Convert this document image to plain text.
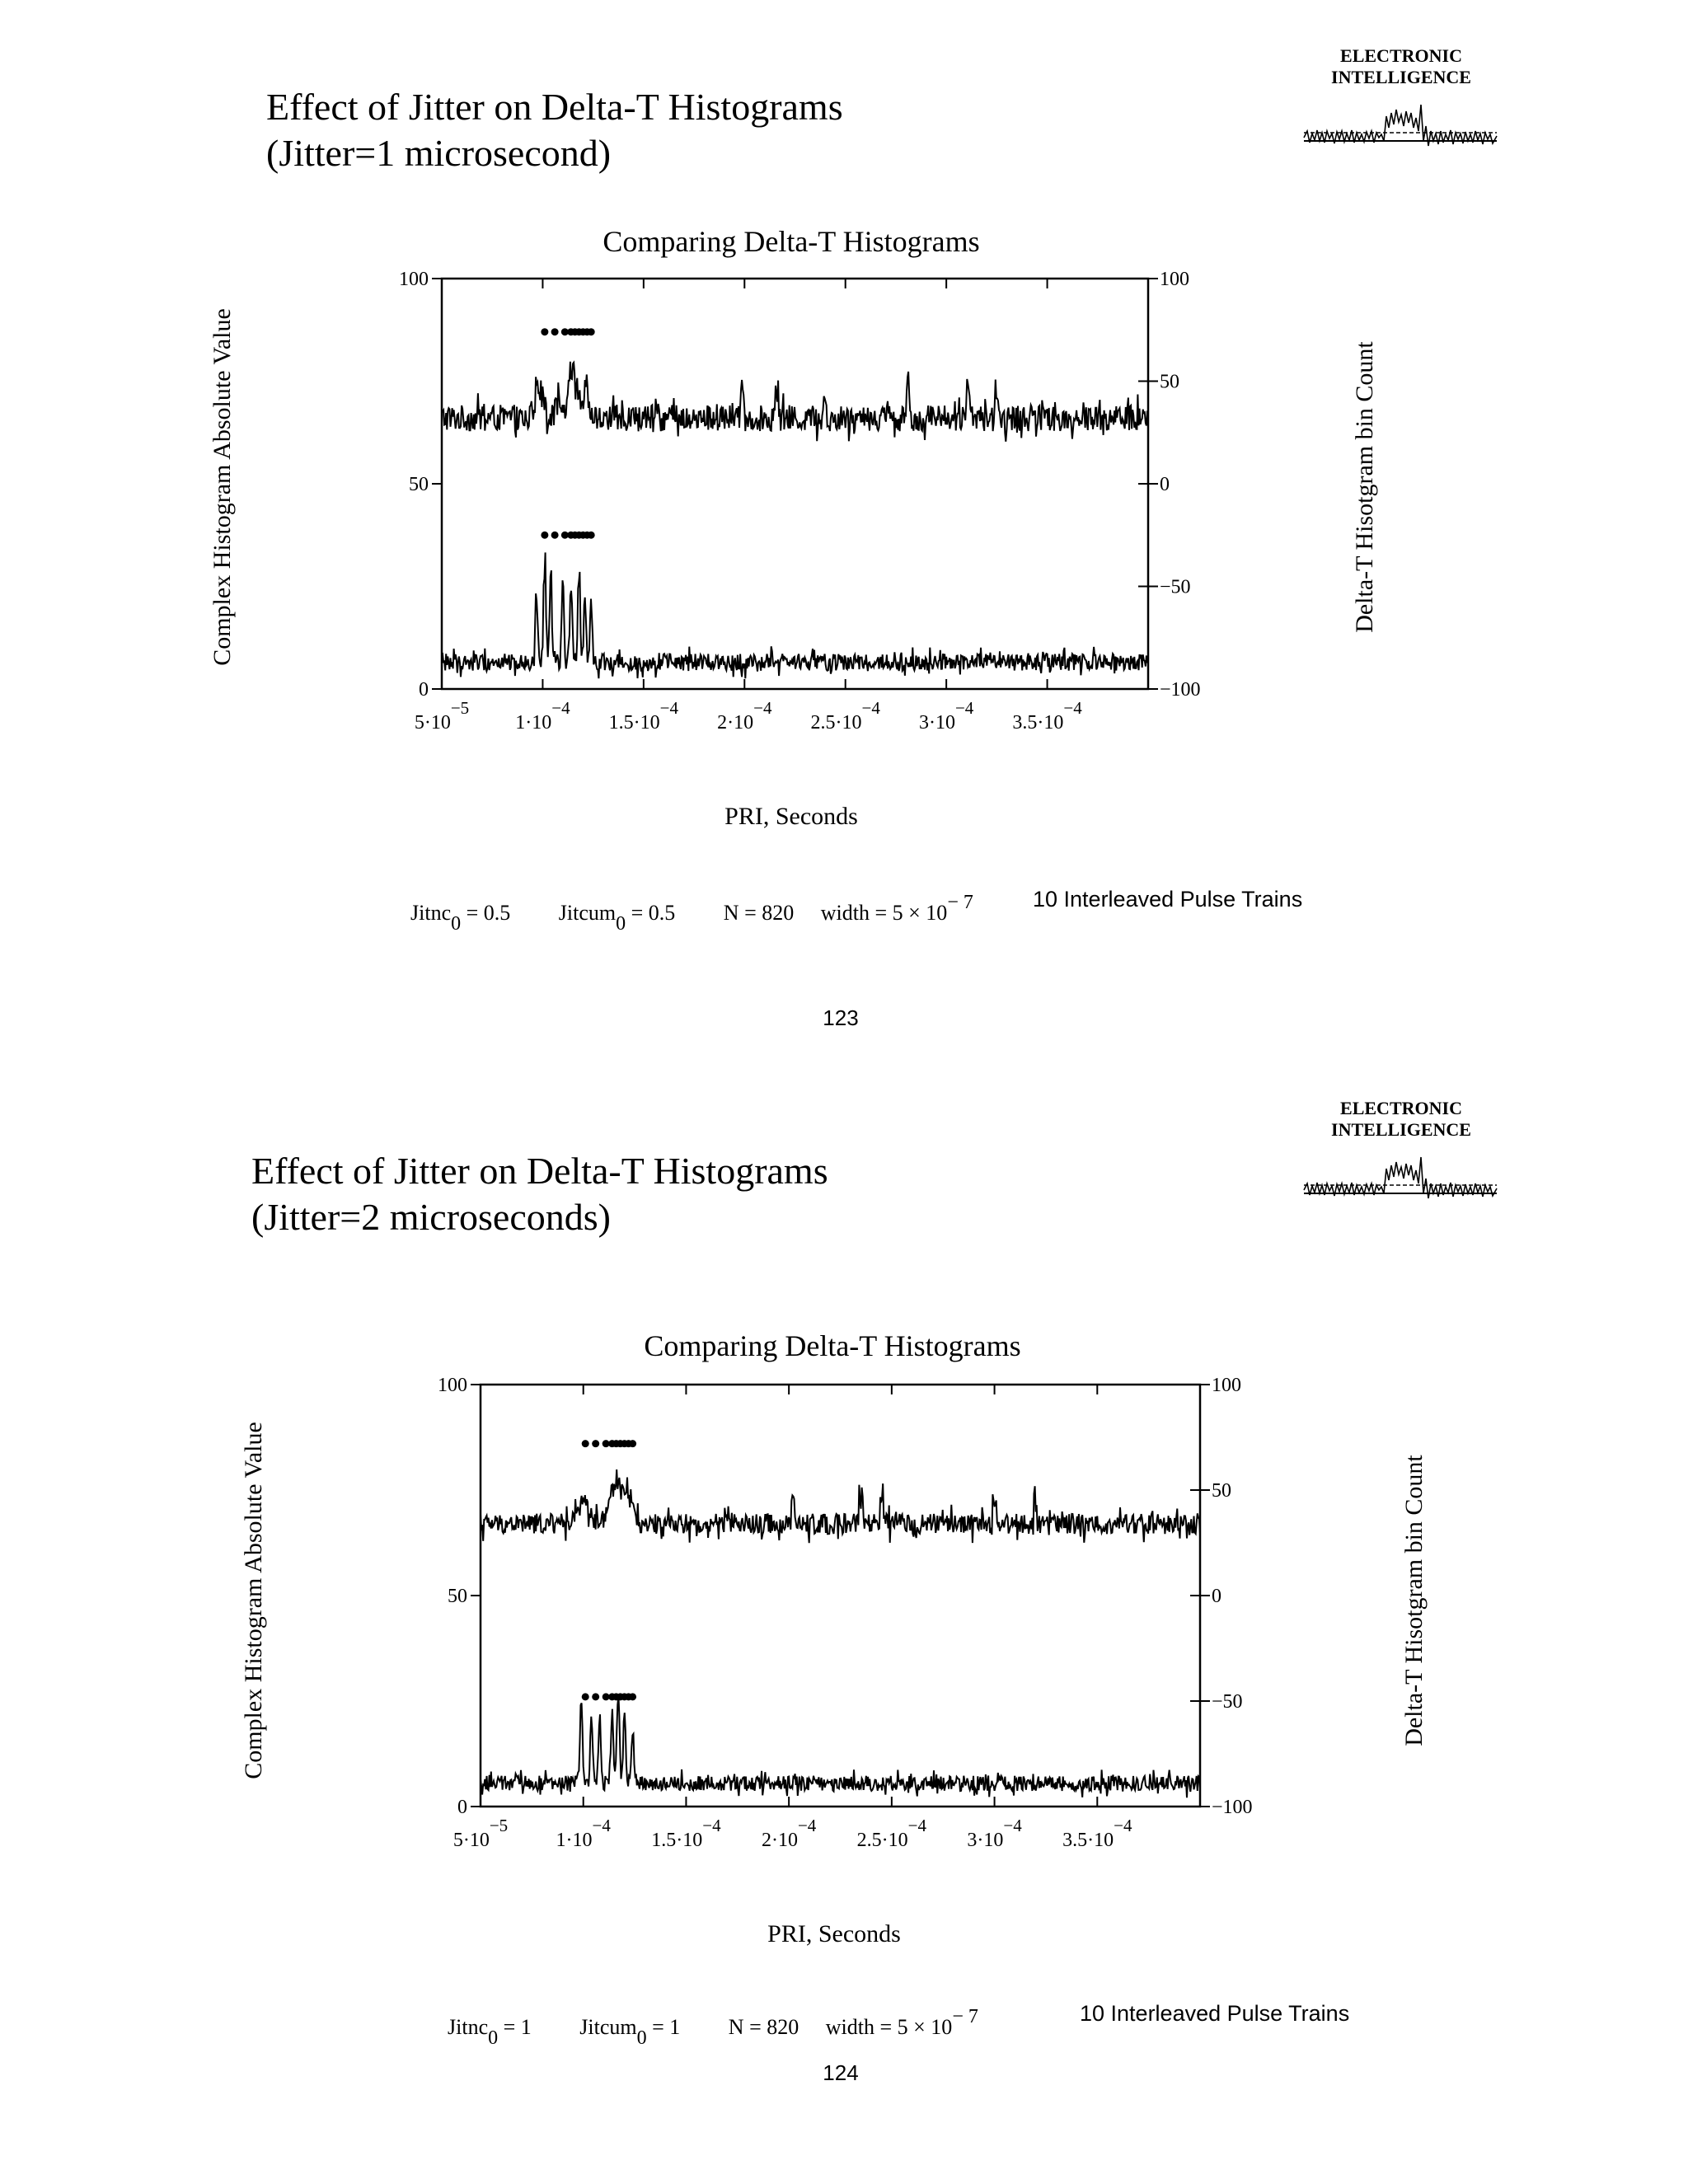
Effect of Jitter on Delta-T Histograms
(Jitter=1 microsecond)
ELECTRONIC
INTELLIGENCE
Comparing Delta-T Histograms
5·10−5
1·10−4
1.5·10−4
2·10−4
2.5·10−4
3·10−4
3.5·10−4
0
50
100
−100
−50
0
50
100
Complex Histogram Absolute Value	Delta-T Hisotgram bin Count
PRI, Seconds
Jitnc$_0$ = 0.5 Jitcum$_0$ = 0.5 N = 820 width = $5 \times 10^{- 7}$	10 Interleaved Pulse Trains
123
Effect of Jitter on Delta-T Histograms
(Jitter=2 microseconds)
ELECTRONIC
INTELLIGENCE
Comparing Delta-T Histograms
5·10−5
1·10−4
1.5·10−4
2·10−4
2.5·10−4
3·10−4
3.5·10−4
0
50
100
−100
−50
0
50
100
Complex Histogram Absolute Value	Delta-T Hisotgram bin Count
PRI, Seconds
Jitnc$_0$ = 1 Jitcum$_0$ = 1 N = 820 width = $5 \times 10^{- 7}$	10 Interleaved Pulse Trains
124
